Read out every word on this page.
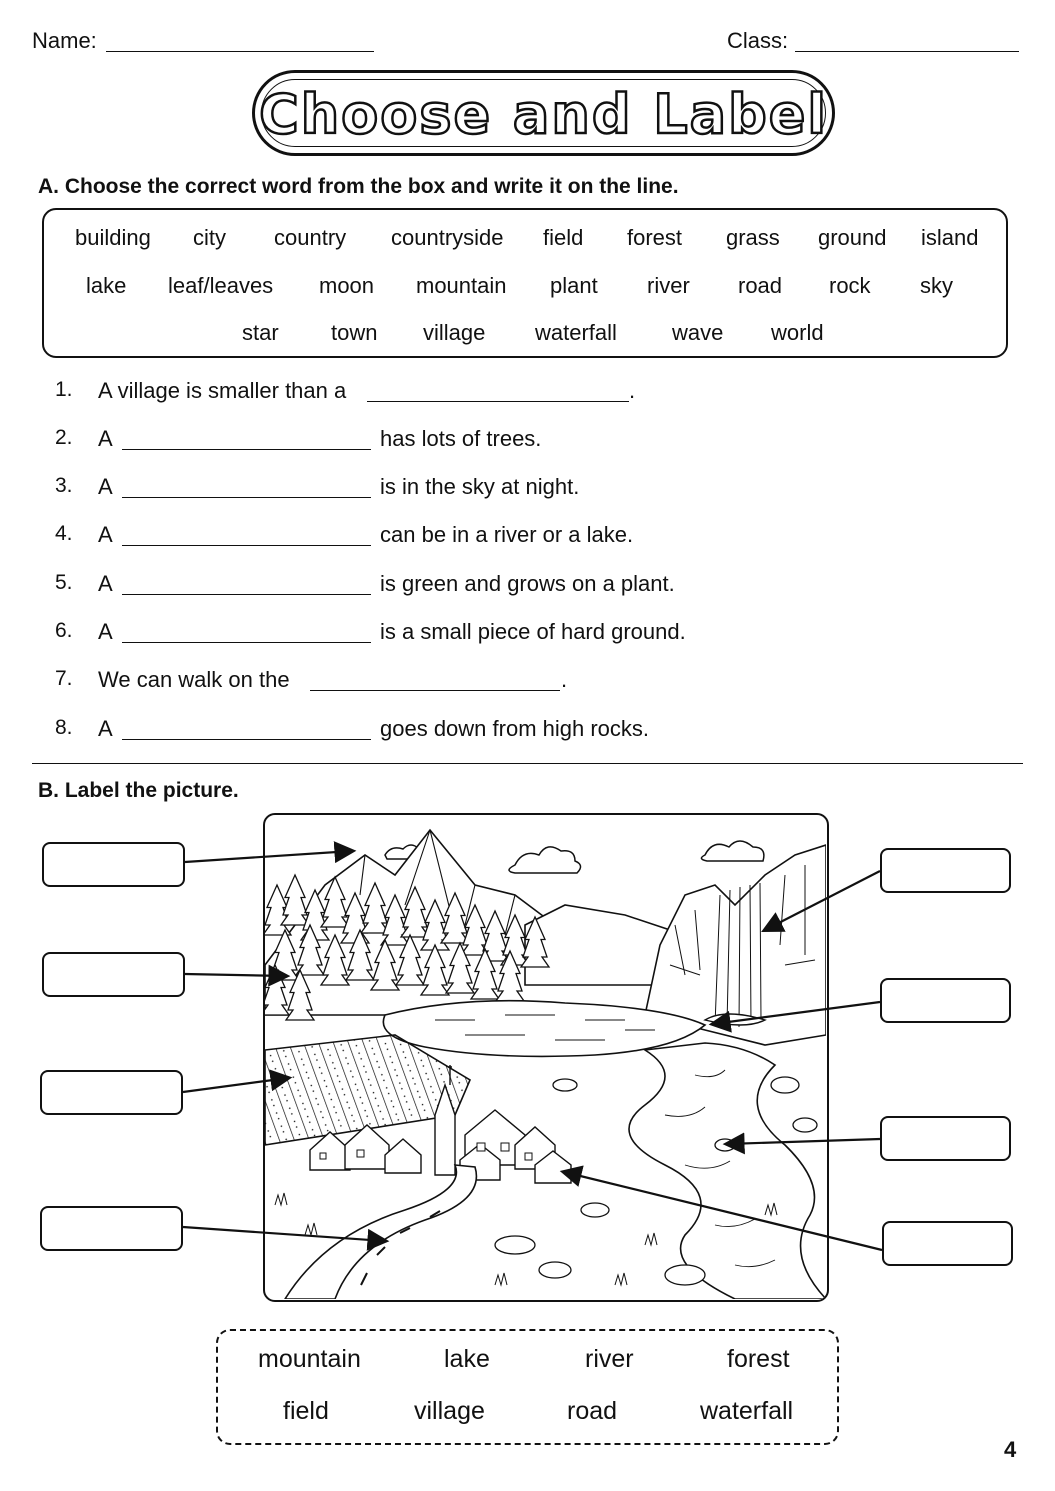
Name:	Class:
Choose and Label
A. Choose the correct word from the box and write it on the line.
building city country countryside field forest grass ground island
lake leaf/leaves moon mountain plant river road rock sky
star town village waterfall	wave world
1. A village is smaller than a	.
2. A	has lots of trees.
3. A	is in the sky at night.
4. A	can be in a river or a lake.
5. A	is green and grows on a plant.
6. A	is a small piece of hard ground.
7. We can walk on the	.
8. A	goes down from high rocks.
B. Label the picture.
mountain	lake	river	forest
field	village	road	waterfall
4
